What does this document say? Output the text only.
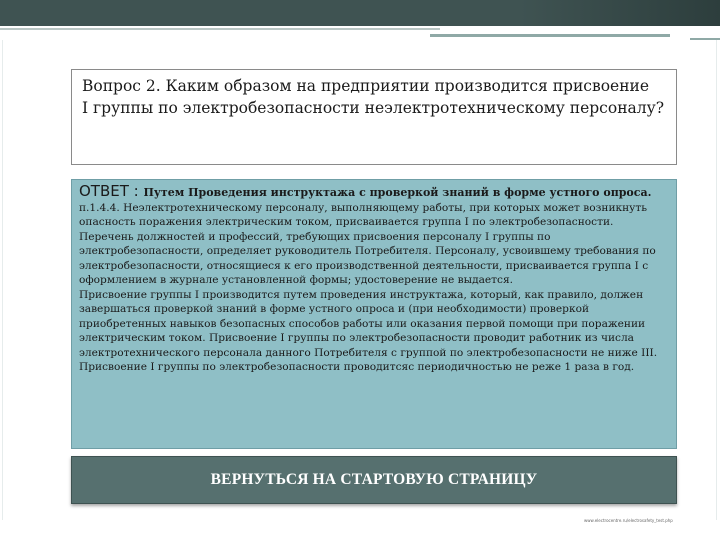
Вопрос 2. Каким образом на предприятии производится присвоение
I группы по электробезопасности неэлектротехническому персоналу?

ОТВЕТ : Путем Проведения инструктажа с проверкой знаний в форме устного опроса.

п.1.4.4. Неэлектротехническому персоналу, выполняющему работы, при которых может возникнуть опасность поражения электрическим током, присваивается группа I по электробезопасности. Перечень должностей и профессий, требующих присвоения персоналу I группы по электробезопасности, определяет руководитель Потребителя. Персоналу, усвоившему требования по электробезопасности, относящиеся к его производственной деятельности, присваивается группа I с оформлением в журнале установленной формы; удостоверение не выдается.

Присвоение группы I производится путем проведения инструктажа, который, как правило, должен завершаться проверкой знаний в форме устного опроса и (при необходимости) проверкой приобретенных навыков безопасных способов работы или оказания первой помощи при поражении электрическим током. Присвоение I группы по электробезопасности проводит работник из числа электротехнического персонала данного Потребителя с группой по электробезопасности не ниже III.

Присвоение I группы по электробезопасности проводитсяс периодичностью не реже 1 раза в год.

ВЕРНУТЬСЯ НА СТАРТОВУЮ СТРАНИЦУ
www.electrocentre.ru/electrosafety_test.php
